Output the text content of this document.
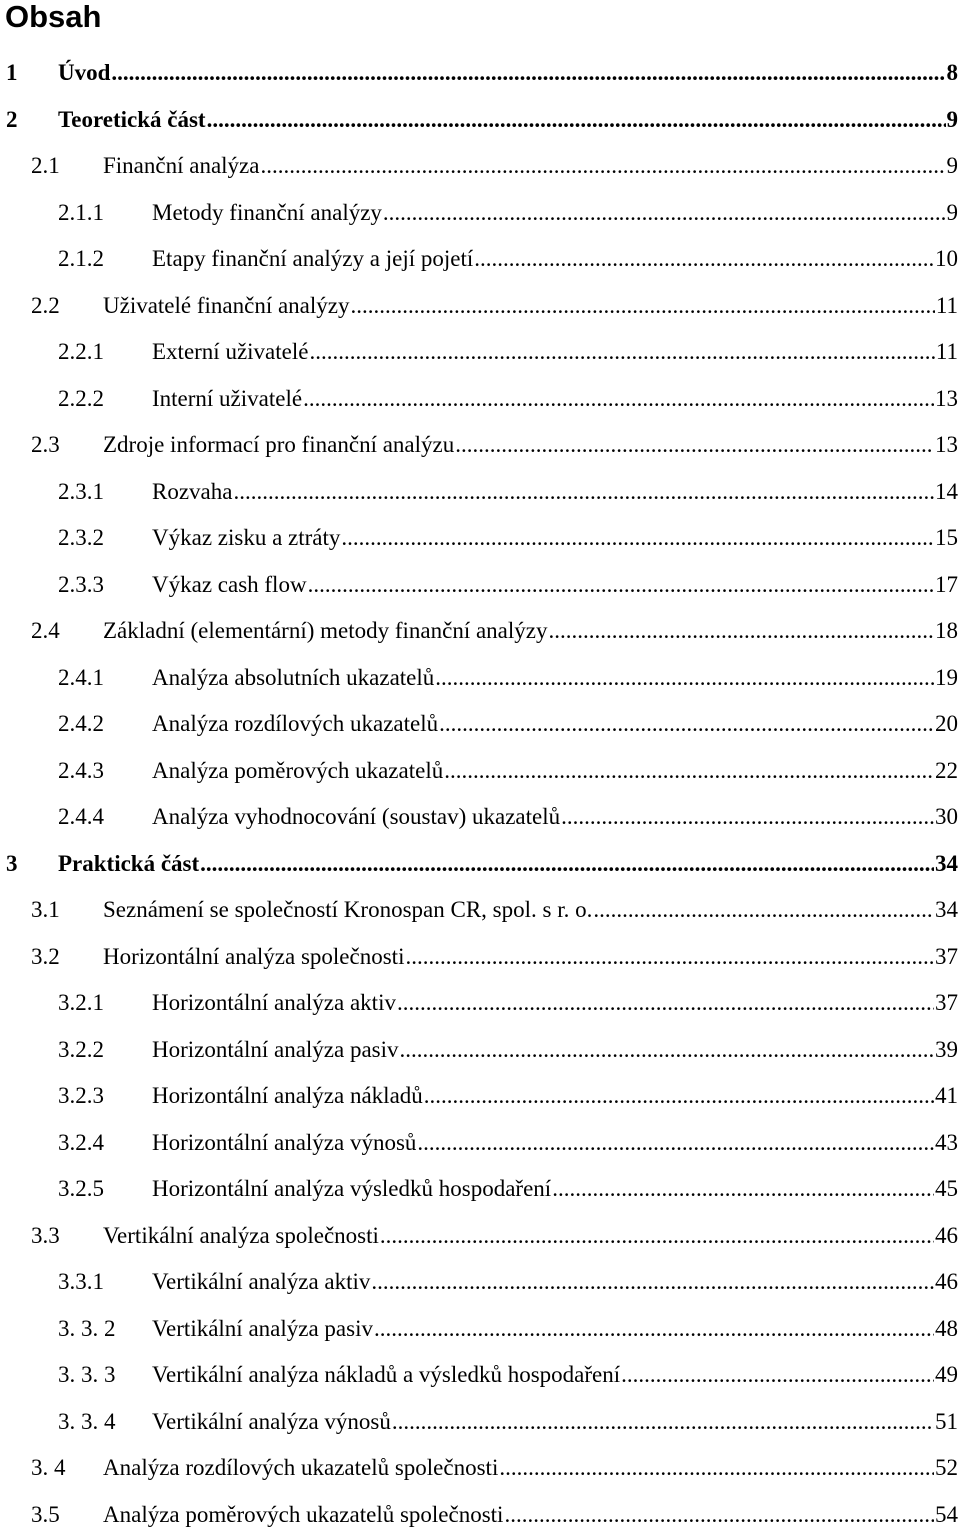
Obsah
1 Úvod .....	8
2 Teoretická část .....	9
2.1 Finanční analýza .....	9
2.1.1 Metody finanční analýzy .....	9
2.1.2 Etapy finanční analýzy a její pojetí .....	10
2.2 Uživatelé finanční analýzy .....	11
2.2.1 Externí uživatelé .....	11
2.2.2 Interní uživatelé .....	13
2.3 Zdroje informací pro finanční analýzu .....	13
2.3.1 Rozvaha .....	14
2.3.2 Výkaz zisku a ztráty .....	15
2.3.3 Výkaz cash flow .....	17
2.4 Základní (elementární) metody finanční analýzy .....	18
2.4.1 Analýza absolutních ukazatelů .....	19
2.4.2 Analýza rozdílových ukazatelů .....	20
2.4.3 Analýza poměrových ukazatelů .....	22
2.4.4 Analýza vyhodnocování (soustav) ukazatelů .....	30
3 Praktická část .....	34
3.1 Seznámení se společností Kronospan CR, spol. s r. o. .....	34
3.2 Horizontální analýza společnosti .....	37
3.2.1 Horizontální analýza aktiv .....	37
3.2.2 Horizontální analýza pasiv .....	39
3.2.3 Horizontální analýza nákladů .....	41
3.2.4 Horizontální analýza výnosů .....	43
3.2.5 Horizontální analýza výsledků hospodaření .....	45
3.3 Vertikální analýza společnosti .....	46
3.3.1 Vertikální analýza aktiv .....	46
3. 3. 2 Vertikální analýza pasiv .....	48
3. 3. 3 Vertikální analýza nákladů a výsledků hospodaření .....	49
3. 3. 4 Vertikální analýza výnosů .....	51
3. 4 Analýza rozdílových ukazatelů společnosti .....	52
3.5 Analýza poměrových ukazatelů společnosti .....	54
